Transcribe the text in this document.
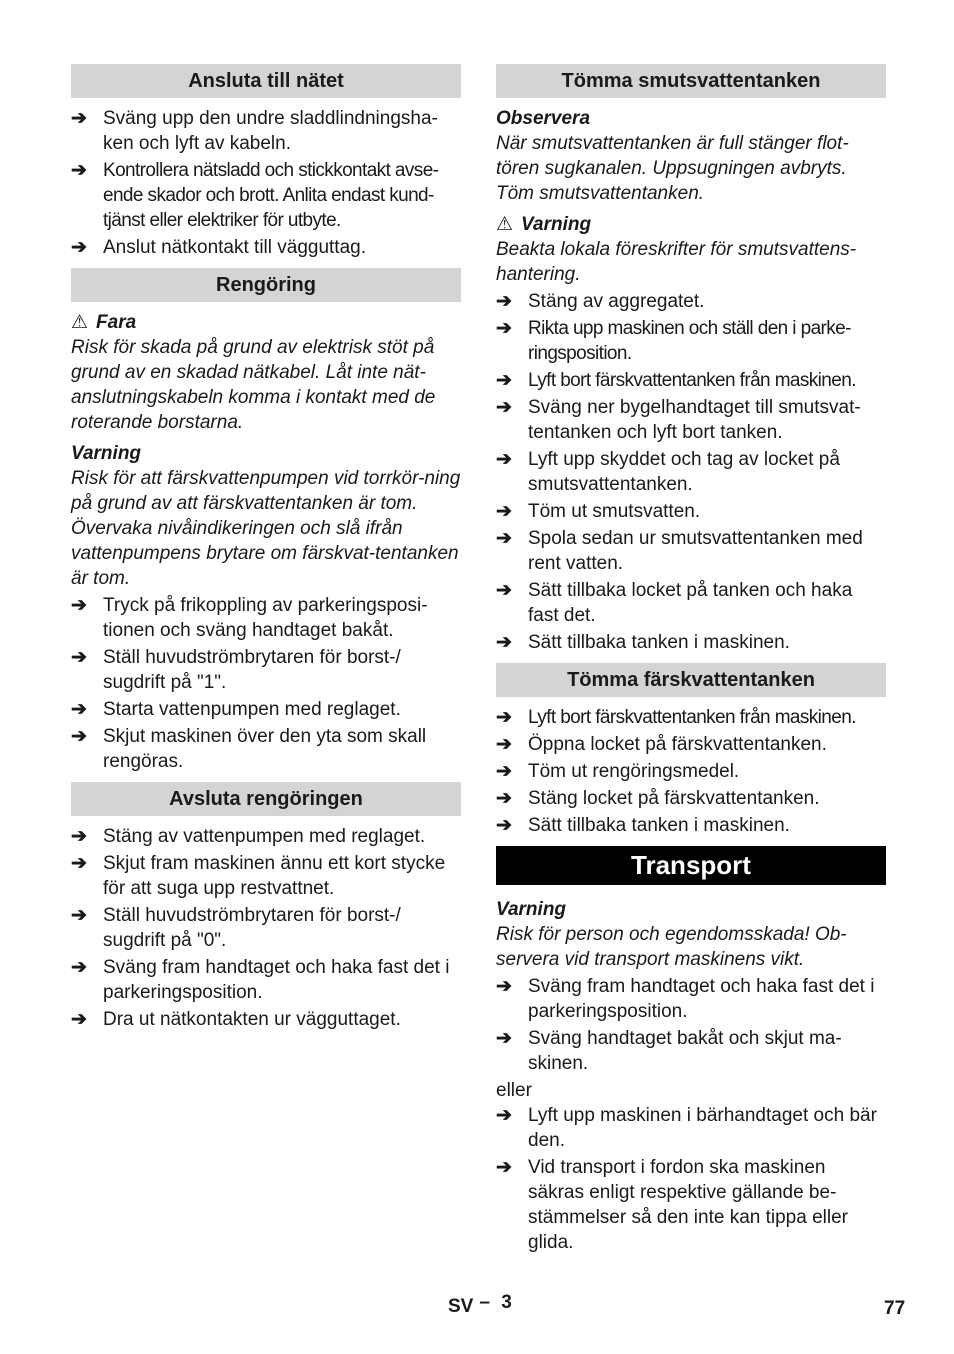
Ansluta till nätet
➔ Sväng upp den undre sladdlindningsha-ken och lyft av kabeln.
➔ Kontrollera nätsladd och stickkontakt avse-ende skador och brott. Anlita endast kund-tjänst eller elektriker för utbyte.
➔ Anslut nätkontakt till vägguttag.
Rengöring
⚠ Fara
Risk för skada på grund av elektrisk stöt på grund av en skadad nätkabel. Låt inte nät-anslutningskabeln komma i kontakt med de roterande borstarna.
Varning
Risk för att färskvattenpumpen vid torrkör-ning på grund av att färskvattentanken är tom. Övervaka nivåindikeringen och slå ifrån vattenpumpens brytare om färskvat-tentanken är tom.
➔ Tryck på frikoppling av parkeringsposi-tionen och sväng handtaget bakåt.
➔ Ställ huvudströmbrytaren för borst-/ sugdrift på "1".
➔ Starta vattenpumpen med reglaget.
➔ Skjut maskinen över den yta som skall rengöras.
Avsluta rengöringen
➔ Stäng av vattenpumpen med reglaget.
➔ Skjut fram maskinen ännu ett kort stycke för att suga upp restvattnet.
➔ Ställ huvudströmbrytaren för borst-/ sugdrift på "0".
➔ Sväng fram handtaget och haka fast det i parkeringsposition.
➔ Dra ut nätkontakten ur vägguttaget.
Tömma smutsvattentanken
Observera
När smutsvattentanken är full stänger flot-tören sugkanalen. Uppsugningen avbryts. Töm smutsvattentanken.
⚠ Varning
Beakta lokala föreskrifter för smutsvattens-hantering.
➔ Stäng av aggregatet.
➔ Rikta upp maskinen och ställ den i parke-ringsposition.
➔ Lyft bort färskvattentanken från maskinen.
➔ Sväng ner bygelhandtaget till smutsvat-tentanken och lyft bort tanken.
➔ Lyft upp skyddet och tag av locket på smutsvattentanken.
➔ Töm ut smutsvatten.
➔ Spola sedan ur smutsvattentanken med rent vatten.
➔ Sätt tillbaka locket på tanken och haka fast det.
➔ Sätt tillbaka tanken i maskinen.
Tömma färskvattentanken
➔ Lyft bort färskvattentanken från maskinen.
➔ Öppna locket på färskvattentanken.
➔ Töm ut rengöringsmedel.
➔ Stäng locket på färskvattentanken.
➔ Sätt tillbaka tanken i maskinen.
Transport
Varning
Risk för person och egendomsskada! Ob-servera vid transport maskinens vikt.
➔ Sväng fram handtaget och haka fast det i parkeringsposition.
➔ Sväng handtaget bakåt och skjut ma-skinen.
eller
➔ Lyft upp maskinen i bärhandtaget och bär den.
➔ Vid transport i fordon ska maskinen säkras enligt respektive gällande be-stämmelser så den inte kan tippa eller glida.
SV – 3	77
